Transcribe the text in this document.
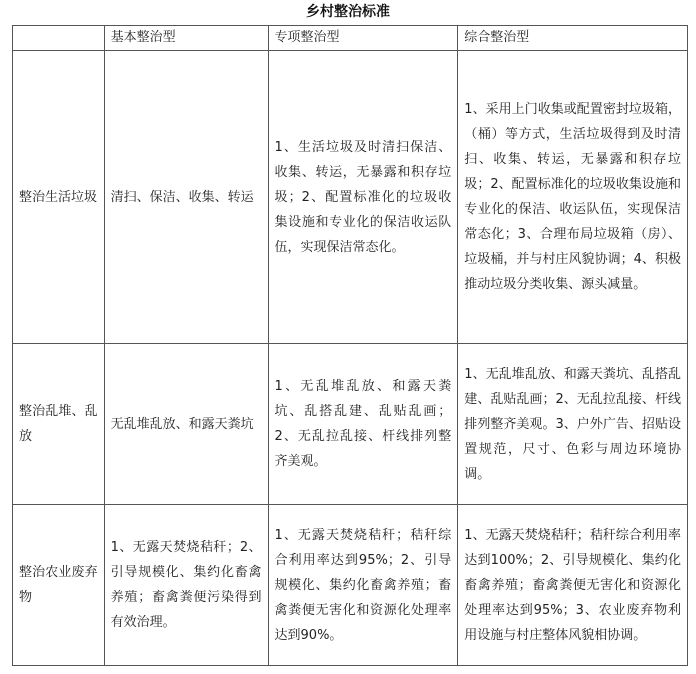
乡村整治标准
	基本整治型	专项整治型	综合整治型
整治生活垃圾	清扫、保洁、收集、转运	1、生活垃圾及时清扫保洁、收集、转运，无暴露和积存垃圾；2、配置标准化的垃圾收集设施和专业化的保洁收运队伍，实现保洁常态化。	1、采用上门收集或配置密封垃圾箱，（桶）等方式，生活垃圾得到及时清扫、收集、转运，无暴露和积存垃圾；2、配置标准化的垃圾收集设施和专业化的保洁、收运队伍，实现保洁常态化；3、合理布局垃圾箱（房）、垃圾桶，并与村庄风貌协调；4、积极推动垃圾分类收集、源头减量。
整治乱堆、乱放	无乱堆乱放、和露天粪坑	1、无乱堆乱放、和露天粪坑、乱搭乱建、乱贴乱画；2、无乱拉乱接、杆线排列整齐美观。	1、无乱堆乱放、和露天粪坑、乱搭乱建、乱贴乱画；2、无乱拉乱接、杆线排列整齐美观。3、户外广告、招贴设置规范，尺寸、色彩与周边环境协调。
整治农业废弃物	1、无露天焚烧秸秆；2、引导规模化、集约化畜禽养殖；畜禽粪便污染得到有效治理。	1、无露天焚烧秸秆；秸秆综合利用率达到95%；2、引导规模化、集约化畜禽养殖；畜禽粪便无害化和资源化处理率达到90%。	1、无露天焚烧秸秆；秸秆综合利用率达到100%；2、引导规模化、集约化畜禽养殖；畜禽粪便无害化和资源化处理率达到95%；3、农业废弃物利用设施与村庄整体风貌相协调。
